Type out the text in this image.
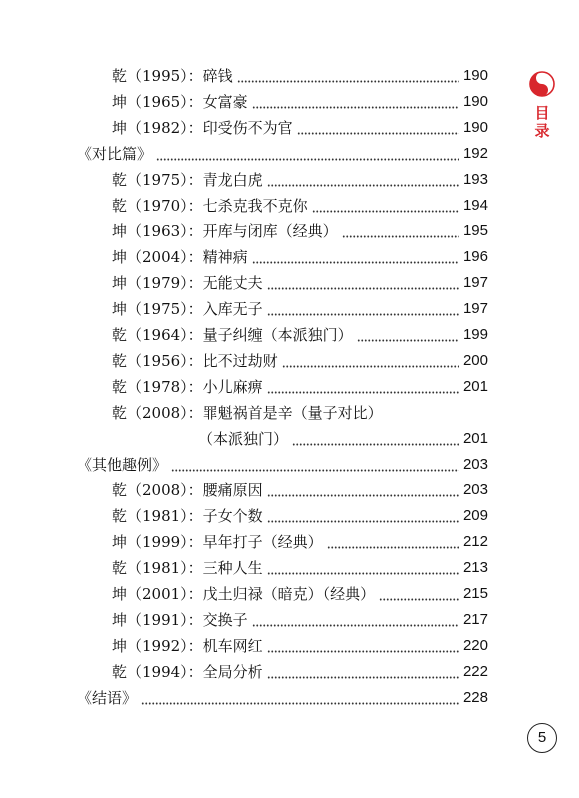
乾（1995）：碎钱	190
坤（1965）：女富豪	190
坤（1982）：印受伤不为官	190
《对比篇》	192
乾（1975）：青龙白虎	193
乾（1970）：七杀克我不克你	194
坤（1963）：开库与闭库（经典）	195
坤（2004）：精神病	196
坤（1979）：无能丈夫	197
坤（1975）：入库无子	197
乾（1964）：量子纠缠（本派独门）	199
乾（1956）：比不过劫财	200
乾（1978）：小儿麻痹	201
乾（2008）：罪魁祸首是辛（量子对比）
（本派独门）	201
《其他趣例》	203
乾（2008）：腰痛原因	203
乾（1981）：子女个数	209
坤（1999）：早年打子（经典）	212
乾（1981）：三种人生	213
坤（2001）：戊土归禄（暗克）（经典）	215
坤（1991）：交换子	217
坤（1992）：机车网红	220
乾（1994）：全局分析	222
《结语》	228
目录
5
